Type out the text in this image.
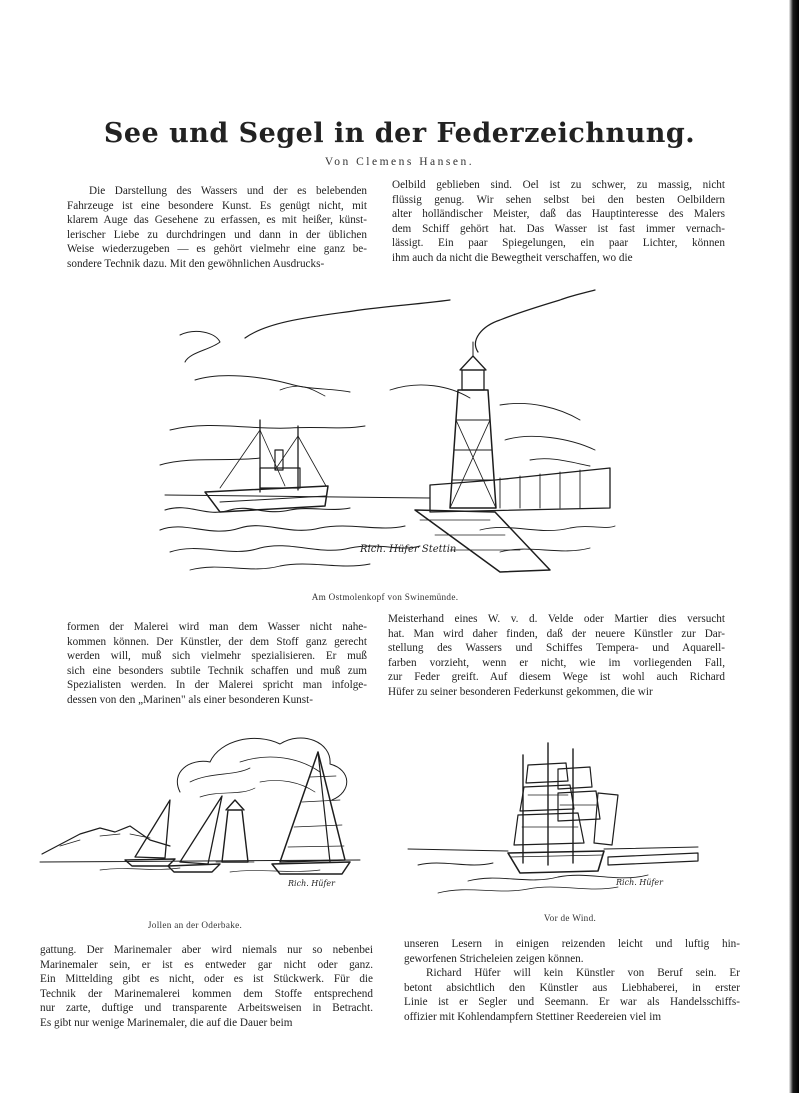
See und Segel in der Federzeichnung.
Von Clemens Hansen.
Die Darstellung des Wassers und der es belebenden
Fahrzeuge ist eine besondere Kunst. Es genügt nicht, mit
klarem Auge das Gesehene zu erfassen, es mit heißer, künst-
lerischer Liebe zu durchdringen und dann in der üblichen
Weise wiederzugeben — es gehört vielmehr eine ganz be-
sondere Technik dazu. Mit den gewöhnlichen Ausdrucks-
Oelbild geblieben sind. Oel ist zu schwer, zu massig, nicht
flüssig genug. Wir sehen selbst bei den besten Oelbildern
alter holländischer Meister, daß das Hauptinteresse des Malers
dem Schiff gehört hat. Das Wasser ist fast immer vernach-
lässigt. Ein paar Spiegelungen, ein paar Lichter, können
ihm auch da nicht die Bewegtheit verschaffen, wo die
Rich. Hüfer Stettin
Am Ostmolenkopf von Swinemünde.
formen der Malerei wird man dem Wasser nicht nahe-
kommen können. Der Künstler, der dem Stoff ganz gerecht
werden will, muß sich vielmehr spezialisieren. Er muß
sich eine besonders subtile Technik schaffen und muß zum
Spezialisten werden. In der Malerei spricht man infolge-
dessen von den „Marinen" als einer besonderen Kunst-
Meisterhand eines W. v. d. Velde oder Martier dies versucht
hat. Man wird daher finden, daß der neuere Künstler zur Dar-
stellung des Wassers und Schiffes Tempera- und Aquarell-
farben vorzieht, wenn er nicht, wie im vorliegenden Fall,
zur Feder greift. Auf diesem Wege ist wohl auch Richard
Hüfer zu seiner besonderen Federkunst gekommen, die wir
Rich. Hüfer
Jollen an der Oderbake.
Rich. Hüfer
Vor de Wind.
gattung. Der Marinemaler aber wird niemals nur so nebenbei
Marinemaler sein, er ist es entweder gar nicht oder ganz.
Ein Mittelding gibt es nicht, oder es ist Stückwerk. Für die
Technik der Marinemalerei kommen dem Stoffe entsprechend
nur zarte, duftige und transparente Arbeitsweisen in Betracht.
Es gibt nur wenige Marinemaler, die auf die Dauer beim
unseren Lesern in einigen reizenden leicht und luftig hin-
geworfenen Stricheleien zeigen können.
Richard Hüfer will kein Künstler von Beruf sein. Er
betont absichtlich den Künstler aus Liebhaberei, in erster
Linie ist er Segler und Seemann. Er war als Handelsschiffs-
offizier mit Kohlendampfern Stettiner Reedereien viel im
